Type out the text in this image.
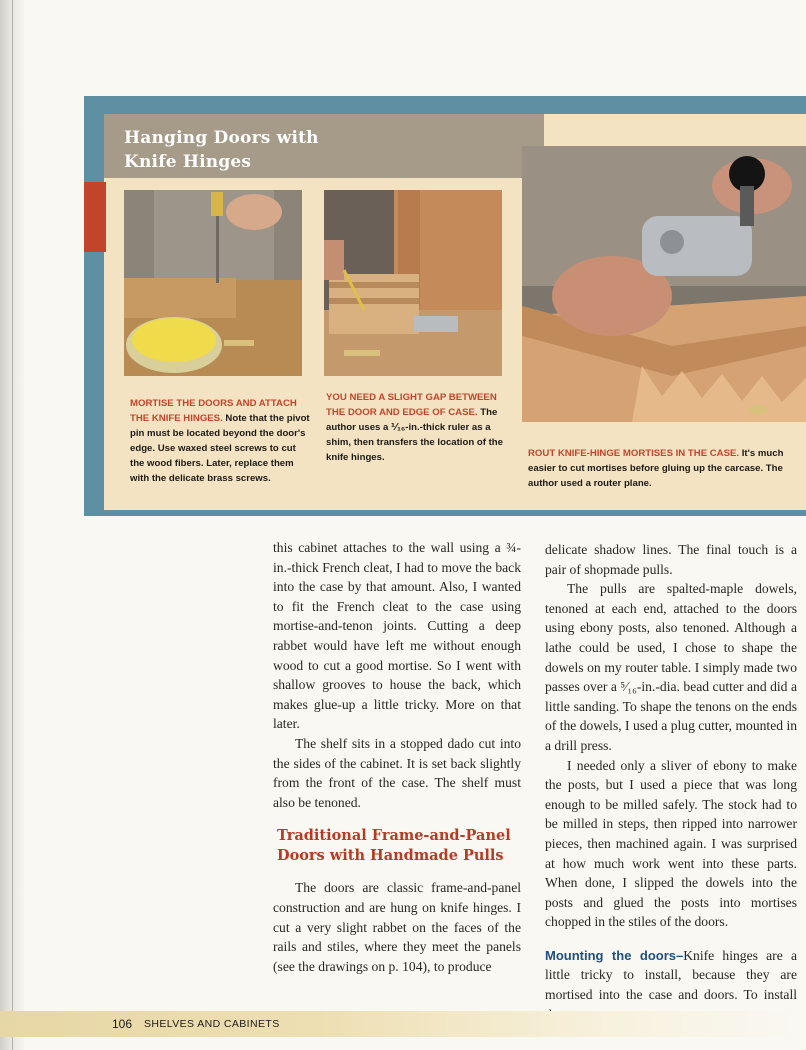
Hanging Doors with
Knife Hinges
MORTISE THE DOORS AND ATTACH THE KNIFE HINGES. Note that the pivot pin must be located beyond the door's edge. Use waxed steel screws to cut the wood fibers. Later, replace them with the delicate brass screws.
YOU NEED A SLIGHT GAP BETWEEN THE DOOR AND EDGE OF CASE. The author uses a ⅟₁₆-in.-thick ruler as a shim, then transfers the location of the knife hinges.	ROUT KNIFE-HINGE MORTISES IN THE CASE. It's much easier to cut mortises before gluing up the carcase. The author used a router plane.

this cabinet attaches to the wall using a ¾-in.-thick French cleat, I had to move the back into the case by that amount. Also, I wanted to fit the French cleat to the case using mortise-and-tenon joints. Cutting a deep rabbet would have left me without enough wood to cut a good mortise. So I went with shallow grooves to house the back, which makes glue-up a little tricky. More on that later.

The shelf sits in a stopped dado cut into the sides of the cabinet. It is set back slightly from the front of the case. The shelf must also be tenoned.

Traditional Frame-and-Panel Doors with Handmade Pulls

The doors are classic frame-and-panel construction and are hung on knife hinges. I cut a very slight rabbet on the faces of the rails and stiles, where they meet the panels (see the drawings on p. 104), to produce

delicate shadow lines. The final touch is a pair of shopmade pulls.

The pulls are spalted-maple dowels, tenoned at each end, attached to the doors using ebony posts, also tenoned. Although a lathe could be used, I chose to shape the dowels on my router table. I simply made two passes over a ⁵⁄₁₆-in.-dia. bead cutter and did a little sanding. To shape the tenons on the ends of the dowels, I used a plug cutter, mounted in a drill press.

I needed only a sliver of ebony to make the posts, but I used a piece that was long enough to be milled safely. The stock had to be milled in steps, then ripped into narrower pieces, then machined again. I was surprised at how much work went into these parts. When done, I slipped the dowels into the posts and glued the posts into mortises chopped in the stiles of the doors.

Mounting the doors–Knife hinges are a little tricky to install, because they are mortised into the case and doors. To install

106 SHELVES AND CABINETS
